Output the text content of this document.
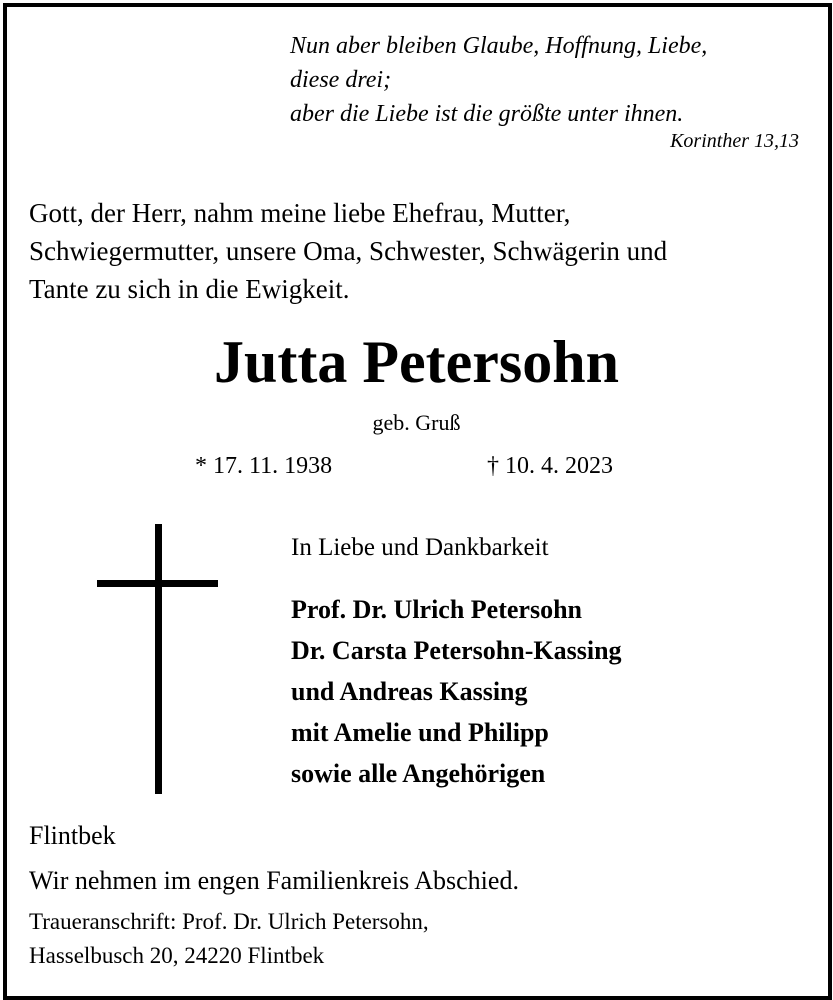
Nun aber bleiben Glaube, Hoffnung, Liebe,
diese drei;
aber die Liebe ist die größte unter ihnen.
Korinther 13,13
Gott, der Herr, nahm meine liebe Ehefrau, Mutter,
Schwiegermutter, unsere Oma, Schwester, Schwägerin und
Tante zu sich in die Ewigkeit.
Jutta Petersohn
geb. Gruß
* 17. 11. 1938	† 10. 4. 2023
In Liebe und Dankbarkeit
Prof. Dr. Ulrich Petersohn
Dr. Carsta Petersohn-Kassing
und Andreas Kassing
mit Amelie und Philipp
sowie alle Angehörigen
Flintbek
Wir nehmen im engen Familienkreis Abschied.
Traueranschrift: Prof. Dr. Ulrich Petersohn,
Hasselbusch 20, 24220 Flintbek
